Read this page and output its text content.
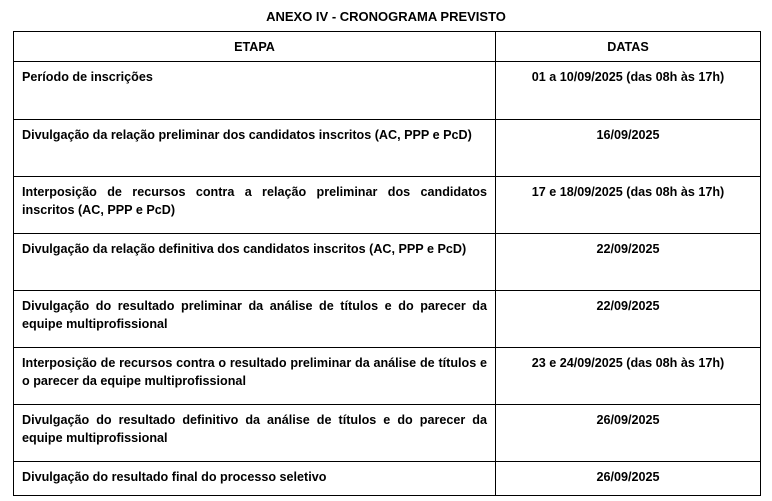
ANEXO IV - CRONOGRAMA PREVISTO
ETAPA	DATAS
Período de inscrições	01 a 10/09/2025 (das 08h às 17h)
Divulgação da relação preliminar dos candidatos inscritos (AC, PPP e PcD)	16/09/2025
Interposição de recursos contra a relação preliminar dos candidatos inscritos (AC, PPP e PcD)	17 e 18/09/2025 (das 08h às 17h)
Divulgação da relação definitiva dos candidatos inscritos (AC, PPP e PcD)	22/09/2025
Divulgação do resultado preliminar da análise de títulos e do parecer da equipe multiprofissional	22/09/2025
Interposição de recursos contra o resultado preliminar da análise de títulos e o parecer da equipe multiprofissional	23 e 24/09/2025 (das 08h às 17h)
Divulgação do resultado definitivo da análise de títulos e do parecer da equipe multiprofissional	26/09/2025
Divulgação do resultado final do processo seletivo	26/09/2025
